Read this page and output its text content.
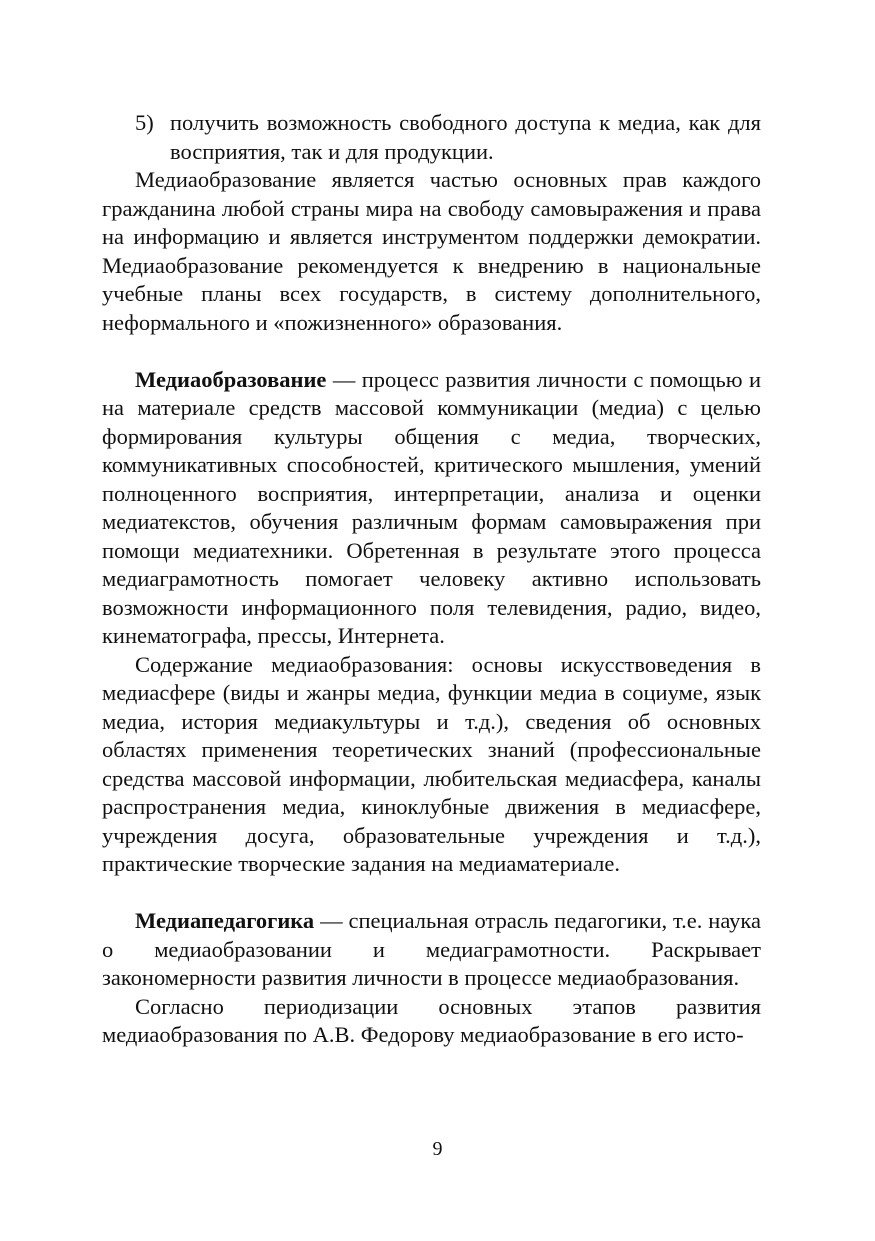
5) получить возможность свободного доступа к медиа, как для восприятия, так и для продукции.

Медиаобразование является частью основных прав каждого гражданина любой страны мира на свободу самовыражения и права на информацию и является инструментом поддержки демократии. Медиаобразование рекомендуется к внедрению в национальные учебные планы всех государств, в систему дополнительного, неформального и «пожизненного» образования.

Медиаобразование — процесс развития личности с помощью и на материале средств массовой коммуникации (медиа) с целью формирования культуры общения с медиа, творческих, коммуникативных способностей, критического мышления, умений полноценного восприятия, интерпретации, анализа и оценки медиатекстов, обучения различным формам самовыражения при помощи медиатехники. Обретенная в результате этого процесса медиаграмотность помогает человеку активно использовать возможности информационного поля телевидения, радио, видео, кинематографа, прессы, Интернета.

Содержание медиаобразования: основы искусствоведения в медиасфере (виды и жанры медиа, функции медиа в социуме, язык медиа, история медиакультуры и т.д.), сведения об основных областях применения теоретических знаний (профессиональные средства массовой информации, любительская медиасфера, каналы распространения медиа, киноклубные движения в медиасфере, учреждения досуга, образовательные учреждения и т.д.), практические творческие задания на медиаматериале.

Медиапедагогика — специальная отрасль педагогики, т.е. наука о медиаобразовании и медиаграмотности. Раскрывает закономерности развития личности в процессе медиаобразования.

Согласно периодизации основных этапов развития медиаобразования по А.В. Федорову медиаобразование в его исто-

9
